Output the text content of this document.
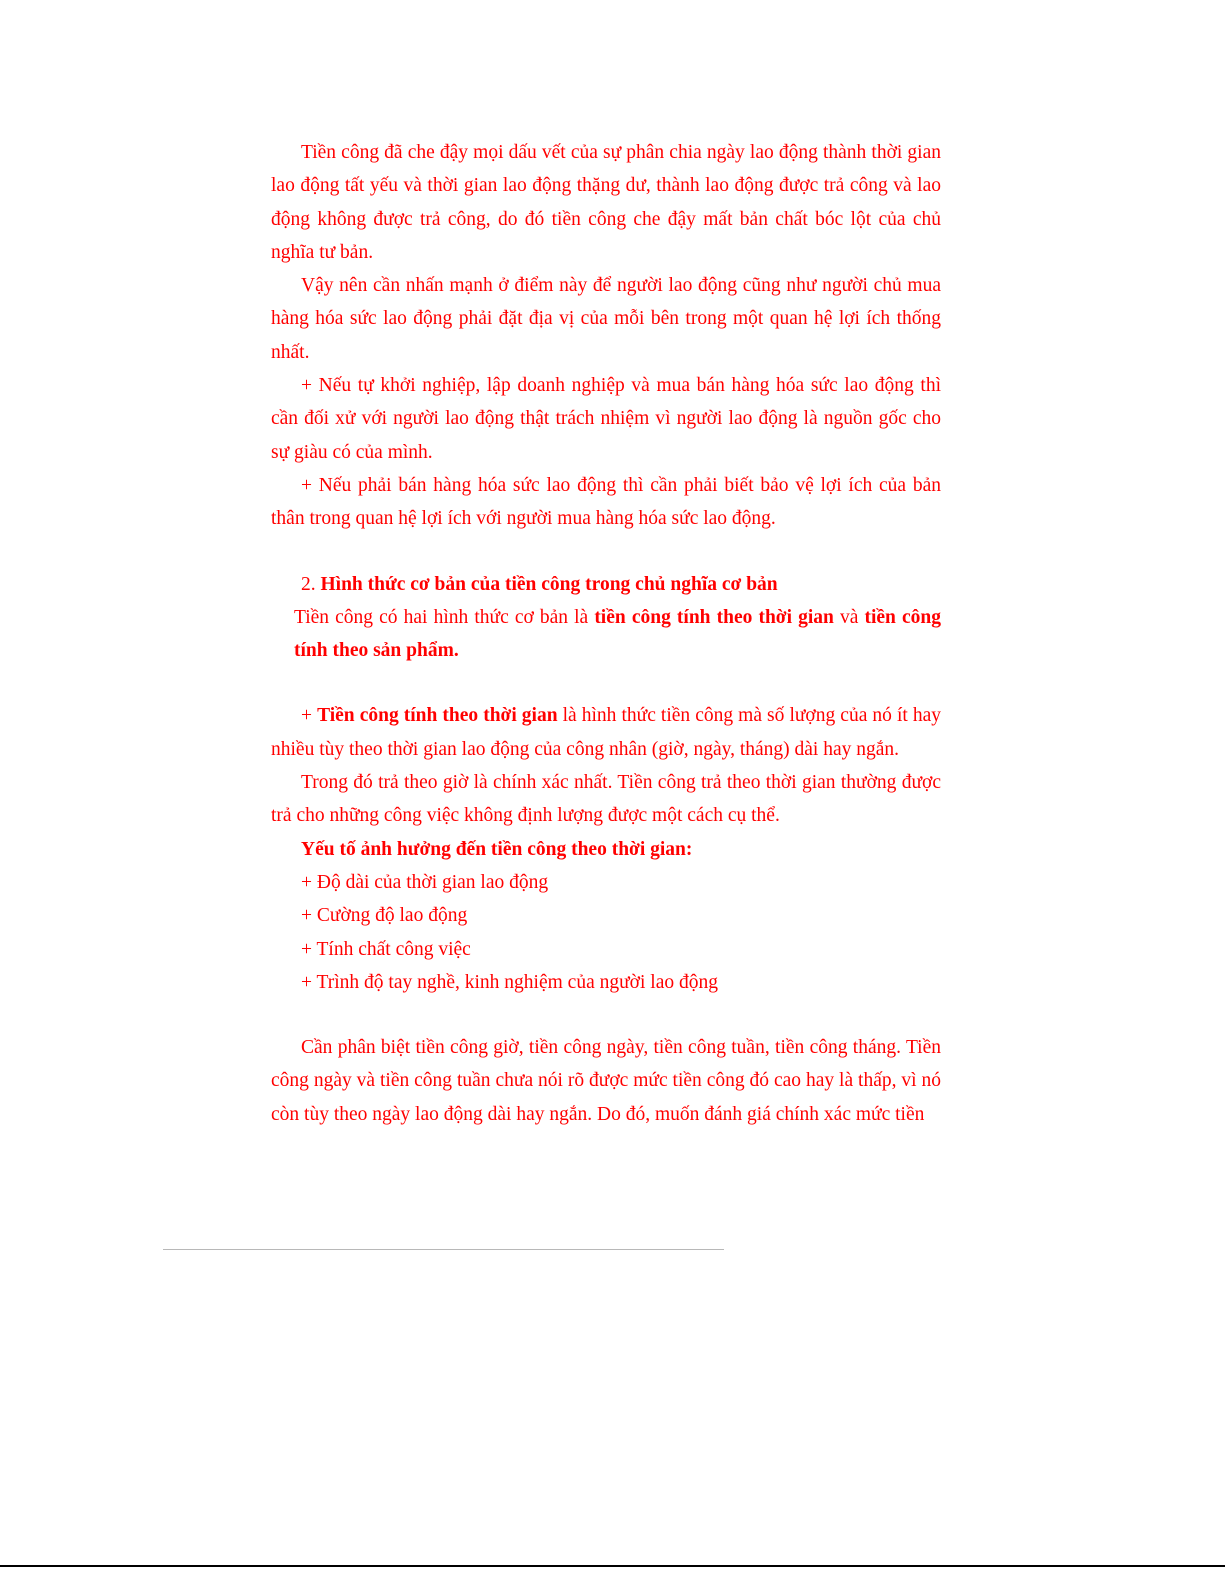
Tiền công đã che đậy mọi dấu vết của sự phân chia ngày lao động thành thời gian lao động tất yếu và thời gian lao động thặng dư, thành lao động được trả công và lao động không được trả công, do đó tiền công che đậy mất bản chất bóc lột của chủ nghĩa tư bản.

Vậy nên cần nhấn mạnh ở điểm này để người lao động cũng như người chủ mua hàng hóa sức lao động phải đặt địa vị của mỗi bên trong một quan hệ lợi ích thống nhất.

+ Nếu tự khởi nghiệp, lập doanh nghiệp và mua bán hàng hóa sức lao động thì cần đối xử với người lao động thật trách nhiệm vì người lao động là nguồn gốc cho sự giàu có của mình.

+ Nếu phải bán hàng hóa sức lao động thì cần phải biết bảo vệ lợi ích của bản thân trong quan hệ lợi ích với người mua hàng hóa sức lao động.

2. Hình thức cơ bản của tiền công trong chủ nghĩa cơ bản

Tiền công có hai hình thức cơ bản là tiền công tính theo thời gian và tiền công tính theo sản phẩm.

+ Tiền công tính theo thời gian là hình thức tiền công mà số lượng của nó ít hay nhiều tùy theo thời gian lao động của công nhân (giờ, ngày, tháng) dài hay ngắn.

Trong đó trả theo giờ là chính xác nhất. Tiền công trả theo thời gian thường được trả cho những công việc không định lượng được một cách cụ thể.

Yếu tố ảnh hưởng đến tiền công theo thời gian:

+ Độ dài của thời gian lao động

+ Cường độ lao động

+ Tính chất công việc

+ Trình độ tay nghề, kinh nghiệm của người lao động

Cần phân biệt tiền công giờ, tiền công ngày, tiền công tuần, tiền công tháng. Tiền công ngày và tiền công tuần chưa nói rõ được mức tiền công đó cao hay là thấp, vì nó còn tùy theo ngày lao động dài hay ngắn. Do đó, muốn đánh giá chính xác mức tiền
